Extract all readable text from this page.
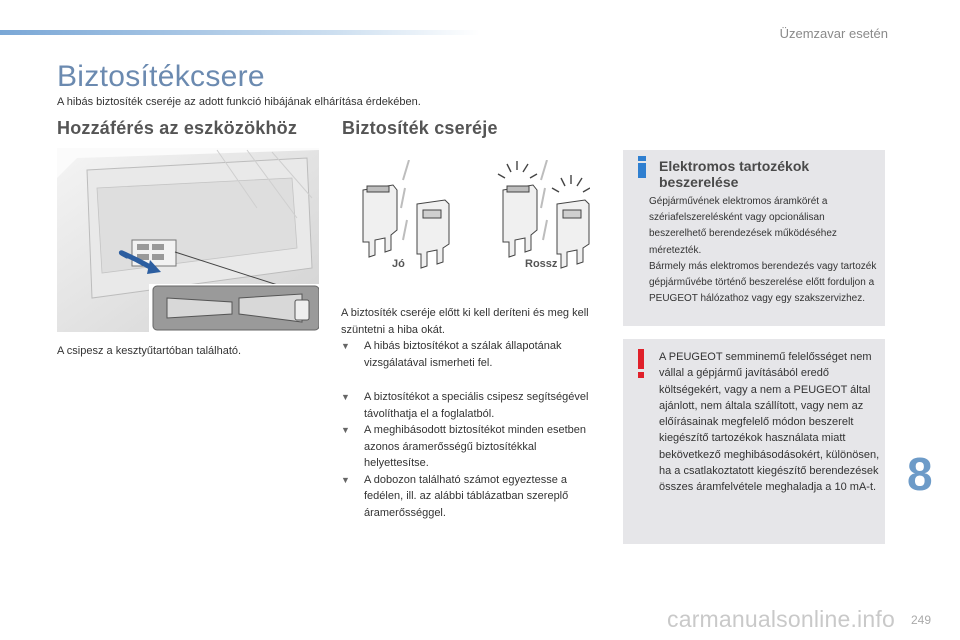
Üzemzavar esetén
Biztosítékcsere
A hibás biztosíték cseréje az adott funkció hibájának elhárítása érdekében.
Hozzáférés az eszközökhöz Biztosíték cseréje
A csipesz a kesztyűtartóban található.
Jó	Rossz

A biztosíték cseréje előtt ki kell deríteni és meg kell szüntetni a hiba okát.

▼ A hibás biztosítékot a szálak állapotának vizsgálatával ismerheti fel.
▼ A biztosítékot a speciális csipesz segítségével távolíthatja el a foglalatból.
▼ A meghibásodott biztosítékot minden esetben azonos áramerősségű biztosítékkal helyettesítse.
▼ A dobozon található számot egyeztesse a fedélen, ill. az alábbi táblázatban szereplő áramerősséggel.
Elektromos tartozékok beszerelése

Gépjárművének elektromos áramkörét a szériafelszerelésként vagy opcionálisan beszerelhető berendezések működéséhez méretezték.

Bármely más elektromos berendezés vagy tartozék gépjárművébe történő beszerelése előtt forduljon a PEUGEOT hálózathoz vagy egy szakszervizhez.

A PEUGEOT semminemű felelősséget nem vállal a gépjármű javításából eredő költségekért, vagy a nem a PEUGEOT által ajánlott, nem általa szállított, vagy nem az előírásainak megfelelő módon beszerelt kiegészítő tartozékok használata miatt bekövetkező meghibásodásokért, különösen, ha a csatlakoztatott kiegészítő berendezések összes áramfelvétele meghaladja a 10 mA-t. 8
249
carmanualsonline.info
